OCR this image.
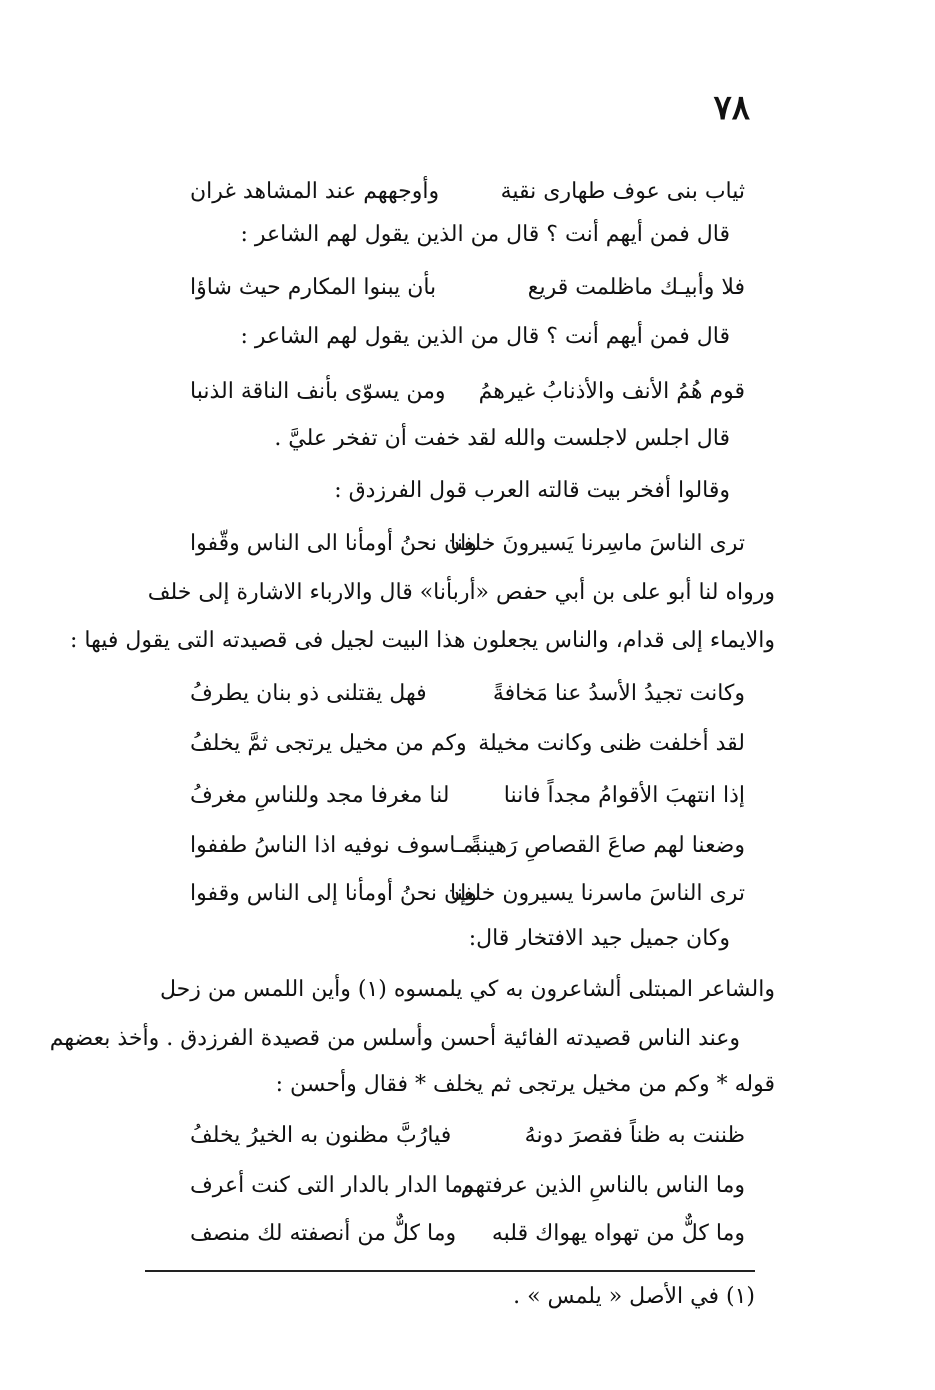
٧٨
ثياب بنى عوف طهارى نقية
وأوجههم عند المشاهد غران
قال فمن أيهم أنت ؟ قال من الذين يقول لهم الشاعر :
فلا وأبيـك ماظلمت قريع
بأن يبنوا المكارم حيث شاؤا
قال فمن أيهم أنت ؟ قال من الذين يقول لهم الشاعر :
قوم هُمُ الأنف والأذنابُ غيرهمُ
ومن يسوّى بأنف الناقة الذنبا
قال اجلس لاجلست والله لقد خفت أن تفخر عليَّ .
وقالوا أفخر بيت قالته العرب قول الفرزدق :
ترى الناسَ ماسِرنا يَسيرونَ خلفنا
وان نحنُ أومأنا الى الناس وقّفوا
ورواه لنا أبو على بن أبي حفص «أربأنا» قال والارباء الاشارة إلى خلف
والايماء إلى قدام، والناس يجعلون هذا البيت لجيل فى قصيدته التى يقول فيها :
وكانت تجيدُ الأسدُ عنا مَخافةً
فهل يقتلنى ذو بنان يطرفُ
لقد أخلفت ظنى وكانت مخيلة
وكم من مخيل يرتجى ثمَّ يخلفُ
إذا انتهبَ الأقوامُ مجداً فاننا
لنا مغرفا مجد وللناسِ مغرفُ
وضعنا لهم صاعَ القصاصِ رَهينةً
بمـاسوف نوفيه اذا الناسُ طففوا
ترى الناسَ ماسرنا يسيرون خلفنا
وإن نحنُ أومأنا إلى الناس وقفوا
وكان جميل جيد الافتخار قال:
والشاعر المبتلى ألشاعرون به
كي يلمسوه (١) وأين اللمس من زحل
وعند الناس قصيدته الفائية أحسن وأسلس من قصيدة الفرزدق . وأخذ بعضهم
قوله * وكم من مخيل يرتجى ثم يخلف * فقال وأحسن :
ظننت به ظناً فقصرَ دونهُ
فيارُبَّ مظنون به الخيرُ يخلفُ
وما الناس بالناسِ الذين عرفتهم
وما الدار بالدار التى كنت أعرف
وما كلٌّ من تهواه يهواك قلبه
وما كلٌّ من أنصفته لك منصف
(١) في الأصل « يلمس » .
